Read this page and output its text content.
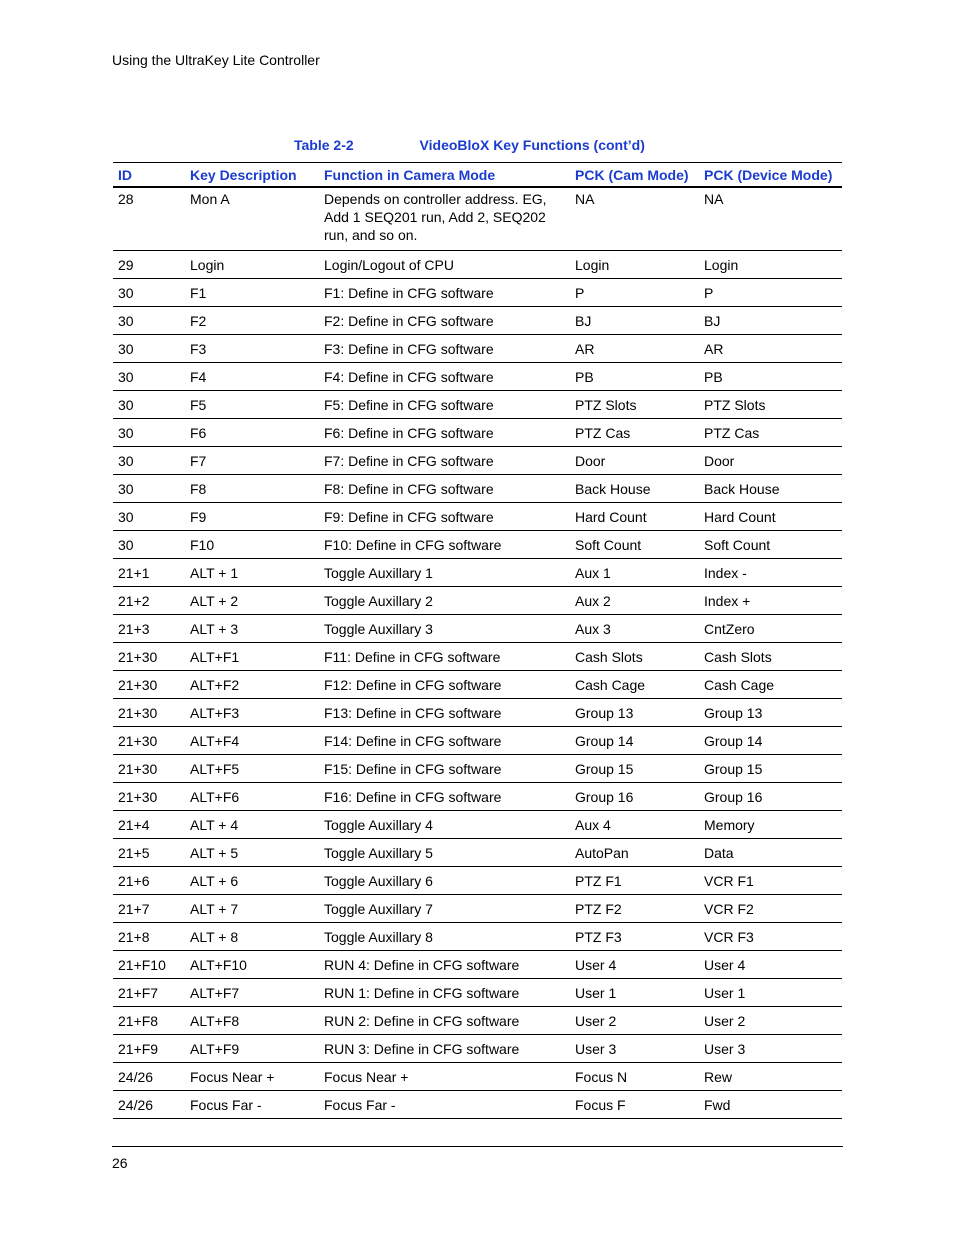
Using the UltraKey Lite Controller
Table 2-2	VideoBloX Key Functions (cont’d)
ID	Key Description	Function in Camera Mode	PCK (Cam Mode)	PCK (Device Mode)
28	Mon A	Depends on controller address. EG, Add 1 SEQ201 run, Add 2, SEQ202 run, and so on.	NA	NA
29	Login	Login/Logout of CPU	Login	Login
30	F1	F1: Define in CFG software	P	P
30	F2	F2: Define in CFG software	BJ	BJ
30	F3	F3: Define in CFG software	AR	AR
30	F4	F4: Define in CFG software	PB	PB
30	F5	F5: Define in CFG software	PTZ Slots	PTZ Slots
30	F6	F6: Define in CFG software	PTZ Cas	PTZ Cas
30	F7	F7: Define in CFG software	Door	Door
30	F8	F8: Define in CFG software	Back House	Back House
30	F9	F9: Define in CFG software	Hard Count	Hard Count
30	F10	F10: Define in CFG software	Soft Count	Soft Count
21+1	ALT + 1	Toggle Auxillary 1	Aux 1	Index -
21+2	ALT + 2	Toggle Auxillary 2	Aux 2	Index +
21+3	ALT + 3	Toggle Auxillary 3	Aux 3	CntZero
21+30	ALT+F1	F11: Define in CFG software	Cash Slots	Cash Slots
21+30	ALT+F2	F12: Define in CFG software	Cash Cage	Cash Cage
21+30	ALT+F3	F13: Define in CFG software	Group 13	Group 13
21+30	ALT+F4	F14: Define in CFG software	Group 14	Group 14
21+30	ALT+F5	F15: Define in CFG software	Group 15	Group 15
21+30	ALT+F6	F16: Define in CFG software	Group 16	Group 16
21+4	ALT + 4	Toggle Auxillary 4	Aux 4	Memory
21+5	ALT + 5	Toggle Auxillary 5	AutoPan	Data
21+6	ALT + 6	Toggle Auxillary 6	PTZ F1	VCR F1
21+7	ALT + 7	Toggle Auxillary 7	PTZ F2	VCR F2
21+8	ALT + 8	Toggle Auxillary 8	PTZ F3	VCR F3
21+F10	ALT+F10	RUN 4: Define in CFG software	User 4	User 4
21+F7	ALT+F7	RUN 1: Define in CFG software	User 1	User 1
21+F8	ALT+F8	RUN 2: Define in CFG software	User 2	User 2
21+F9	ALT+F9	RUN 3: Define in CFG software	User 3	User 3
24/26	Focus Near +	Focus Near +	Focus N	Rew
24/26	Focus Far -	Focus Far -	Focus F	Fwd
26
